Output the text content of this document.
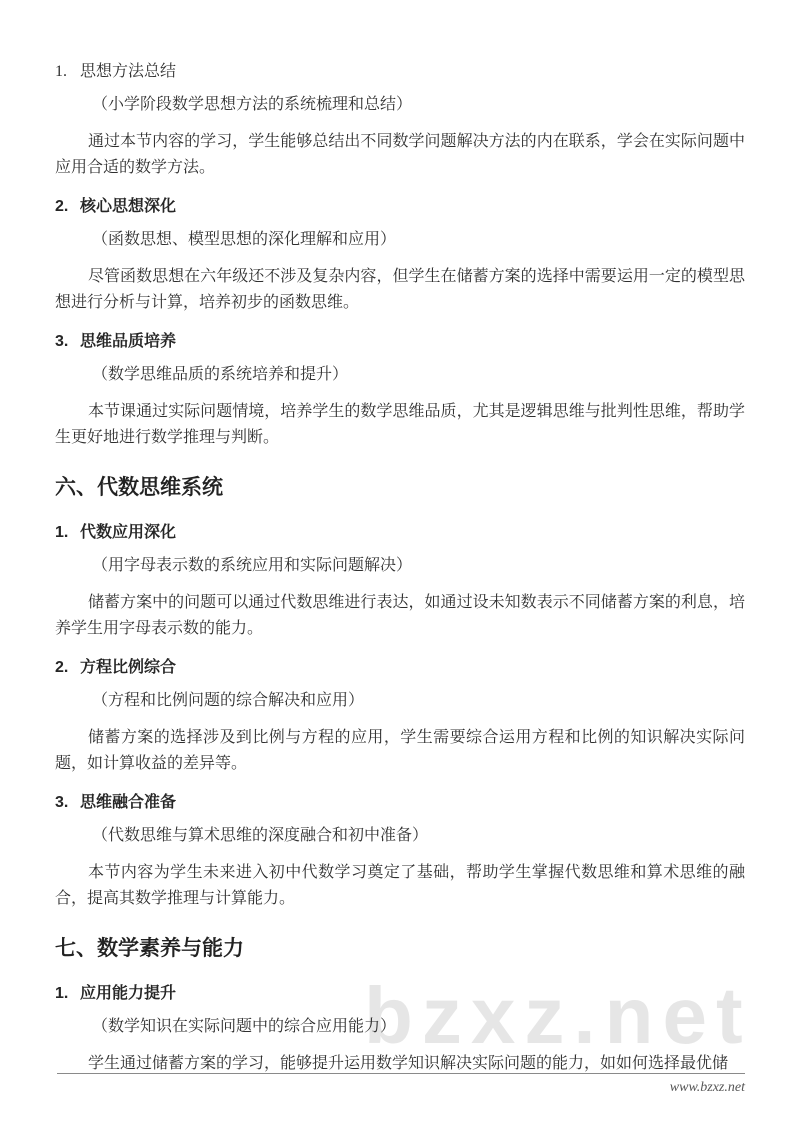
bzxz.net
1. 思想方法总结

（小学阶段数学思想方法的系统梳理和总结）

通过本节内容的学习，学生能够总结出不同数学问题解决方法的内在联系，学会在实际问题中应用合适的数学方法。

2. 核心思想深化

（函数思想、模型思想的深化理解和应用）

尽管函数思想在六年级还不涉及复杂内容，但学生在储蓄方案的选择中需要运用一定的模型思想进行分析与计算，培养初步的函数思维。

3. 思维品质培养

（数学思维品质的系统培养和提升）

本节课通过实际问题情境，培养学生的数学思维品质，尤其是逻辑思维与批判性思维，帮助学生更好地进行数学推理与判断。

六、代数思维系统
1. 代数应用深化

（用字母表示数的系统应用和实际问题解决）

储蓄方案中的问题可以通过代数思维进行表达，如通过设未知数表示不同储蓄方案的利息，培养学生用字母表示数的能力。

2. 方程比例综合

（方程和比例问题的综合解决和应用）

储蓄方案的选择涉及到比例与方程的应用，学生需要综合运用方程和比例的知识解决实际问题，如计算收益的差异等。

3. 思维融合准备

（代数思维与算术思维的深度融合和初中准备）

本节内容为学生未来进入初中代数学习奠定了基础，帮助学生掌握代数思维和算术思维的融合，提高其数学推理与计算能力。

七、数学素养与能力
1. 应用能力提升

（数学知识在实际问题中的综合应用能力）

学生通过储蓄方案的学习，能够提升运用数学知识解决实际问题的能力，如如何选择最优储

www.bzxz.net
